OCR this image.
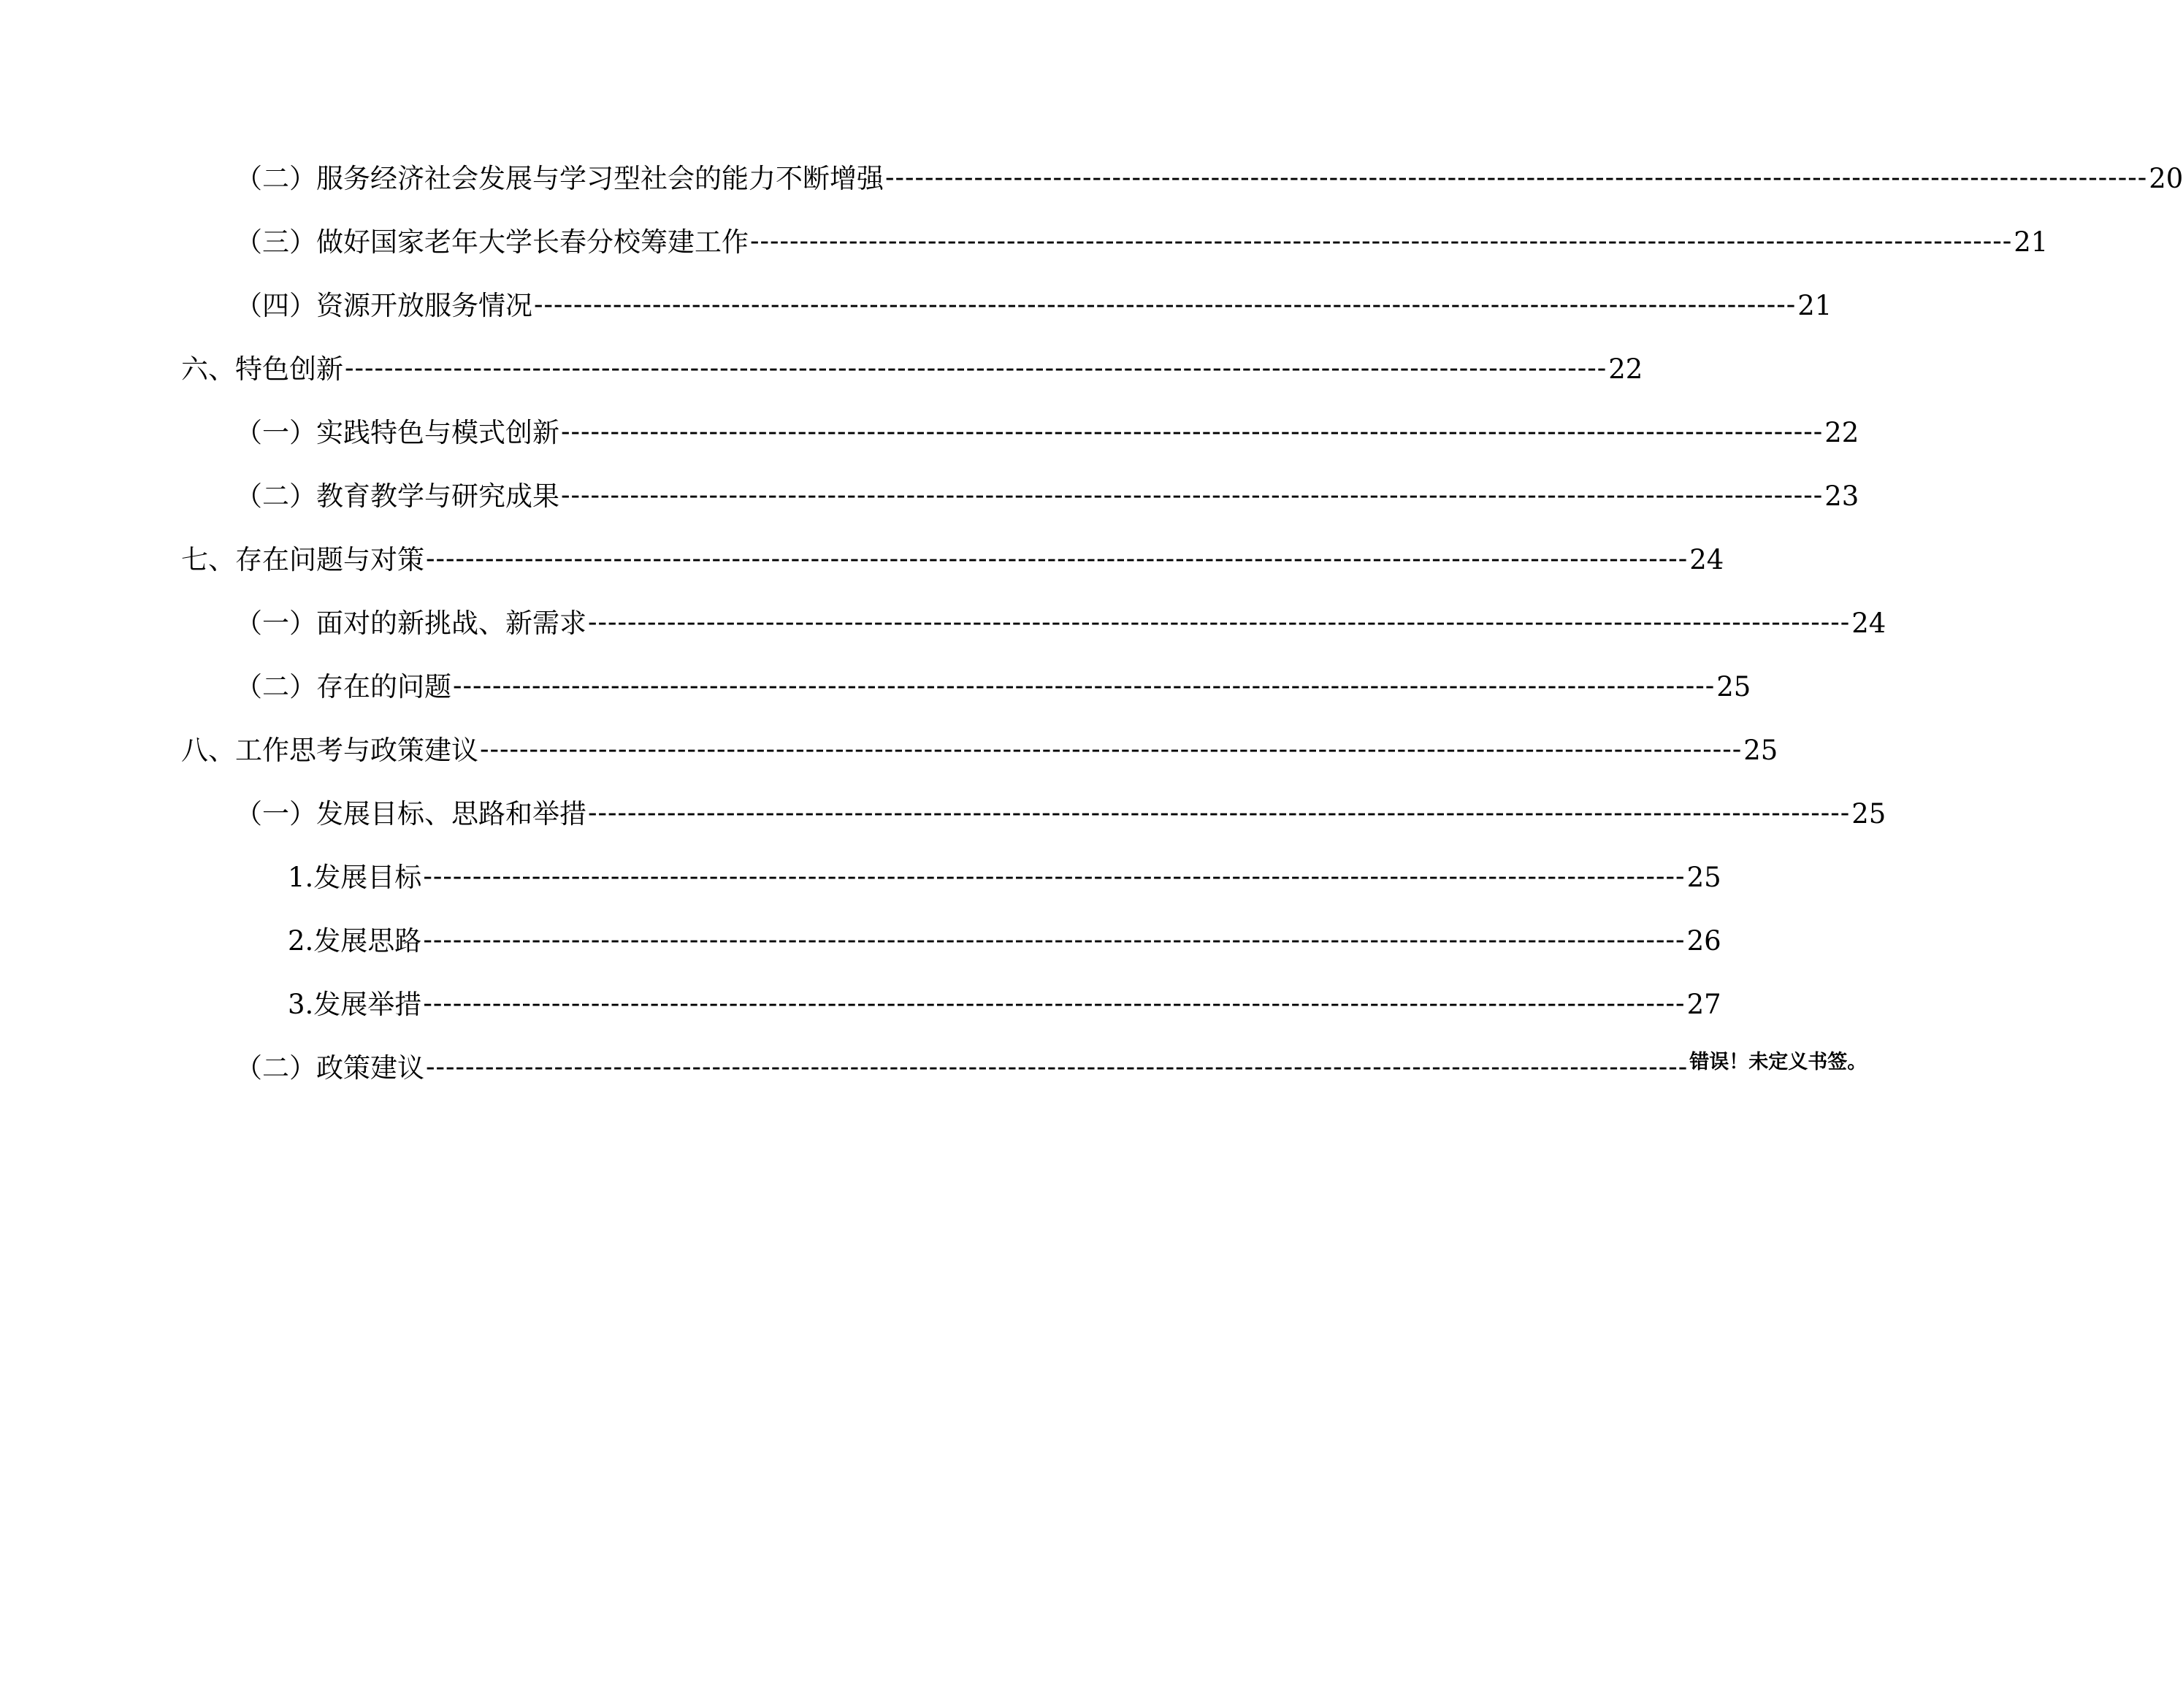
（二）服务经济社会发展与学习型社会的能力不断增强 -------------------------------------------------------------------------------------------------------------------------------- 20
（三）做好国家老年大学长春分校筹建工作 -------------------------------------------------------------------------------------------------------------------------------- 21
（四）资源开放服务情况 -------------------------------------------------------------------------------------------------------------------------------- 21
六、特色创新 -------------------------------------------------------------------------------------------------------------------------------- 22
（一）实践特色与模式创新 -------------------------------------------------------------------------------------------------------------------------------- 22
（二）教育教学与研究成果 -------------------------------------------------------------------------------------------------------------------------------- 23
七、存在问题与对策 -------------------------------------------------------------------------------------------------------------------------------- 24
（一）面对的新挑战、新需求 -------------------------------------------------------------------------------------------------------------------------------- 24
（二）存在的问题 -------------------------------------------------------------------------------------------------------------------------------- 25
八、工作思考与政策建议 -------------------------------------------------------------------------------------------------------------------------------- 25
（一）发展目标、思路和举措 -------------------------------------------------------------------------------------------------------------------------------- 25
1.发展目标 -------------------------------------------------------------------------------------------------------------------------------- 25
2.发展思路 -------------------------------------------------------------------------------------------------------------------------------- 26
3.发展举措 -------------------------------------------------------------------------------------------------------------------------------- 27
（二）政策建议 -------------------------------------------------------------------------------------------------------------------------------- 错误！未定义书签。
